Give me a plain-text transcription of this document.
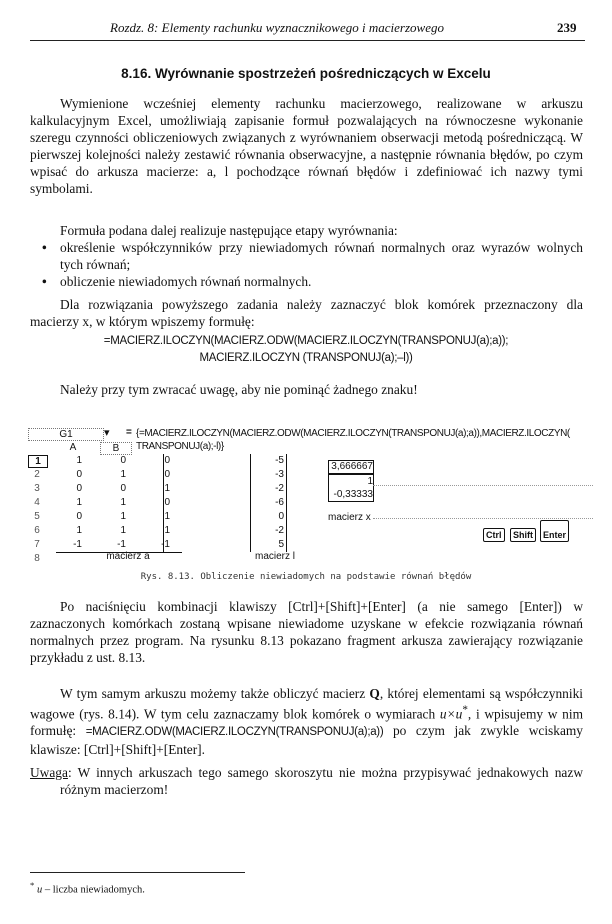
Rozdz. 8: Elementy rachunku wyznacznikowego i macierzowego	239
8.16. Wyrównanie spostrzeżeń pośredniczących w Excelu

Wymienione wcześniej elementy rachunku macierzowego, realizowane w arkuszu kalkulacyjnym Excel, umożliwiają zapisanie formuł pozwalających na równoczesne wykonanie szeregu czynności obliczeniowych związanych z wyrównaniem obserwacji metodą pośredniczącą. W pierwszej kolejności należy zestawić równania obserwacyjne, a następnie równania błędów, po czym wpisać do arkusza macierze: a, l pochodzące równań błędów i zdefiniować ich nazwy tymi symbolami.

Formuła podana dalej realizuje następujące etapy wyrównania:

• określenie współczynników przy niewiadomych równań normalnych oraz wyrazów wolnych tych równań;
• obliczenie niewiadomych równań normalnych.

Dla rozwiązania powyższego zadania należy zaznaczyć blok komórek przeznaczony dla macierzy x, w którym wpiszemy formułę:

=MACIERZ.ILOCZYN(MACIERZ.ODW(MACIERZ.ILOCZYN(TRANSPONUJ(a);a));
MACIERZ.ILOCZYN (TRANSPONUJ(a);–l))

Należy przy tym zwracać uwagę, aby nie pominąć żadnego znaku!

G1	▾ = {=MACIERZ.ILOCZYN(MACIERZ.ODW(MACIERZ.ILOCZYN(TRANSPONUJ(a);a)),MACIERZ.ILOCZYN(
TRANSPONUJ(a);-l)}
A	B
1	1	0	0	-5
2	0	1	0	-3
3	0	0	1	-2
4	1	1	0	-6
5	0	1	1	0
6	1	1	1	-2
7	-1	-1	-1	5
8	macierz a	macierz l
3,666667
1
-0,33333
macierz x
Ctrl	Shift	Enter
Rys. 8.13. Obliczenie niewiadomych na podstawie równań błędów

Po naciśnięciu kombinacji klawiszy [Ctrl]+[Shift]+[Enter] (a nie samego [Enter]) w zaznaczonych komórkach zostaną wpisane niewiadome uzyskane w efekcie rozwiązania równań normalnych przez program. Na rysunku 8.13 pokazano fragment arkusza zawierający rozwiązanie przykładu z ust. 8.13.

W tym samym arkuszu możemy także obliczyć macierz Q, której elementami są współczynniki wagowe (rys. 8.14). W tym celu zaznaczamy blok komórek o wymiarach u×u*, i wpisujemy w nim formułę: =MACIERZ.ODW(MACIERZ.ILOCZYN(TRANSPONUJ(a);a)) po czym jak zwykle wciskamy klawisze: [Ctrl]+[Shift]+[Enter].

Uwaga: W innych arkuszach tego samego skoroszytu nie można przypisywać jednakowych nazw różnym macierzom!

* u – liczba niewiadomych.
